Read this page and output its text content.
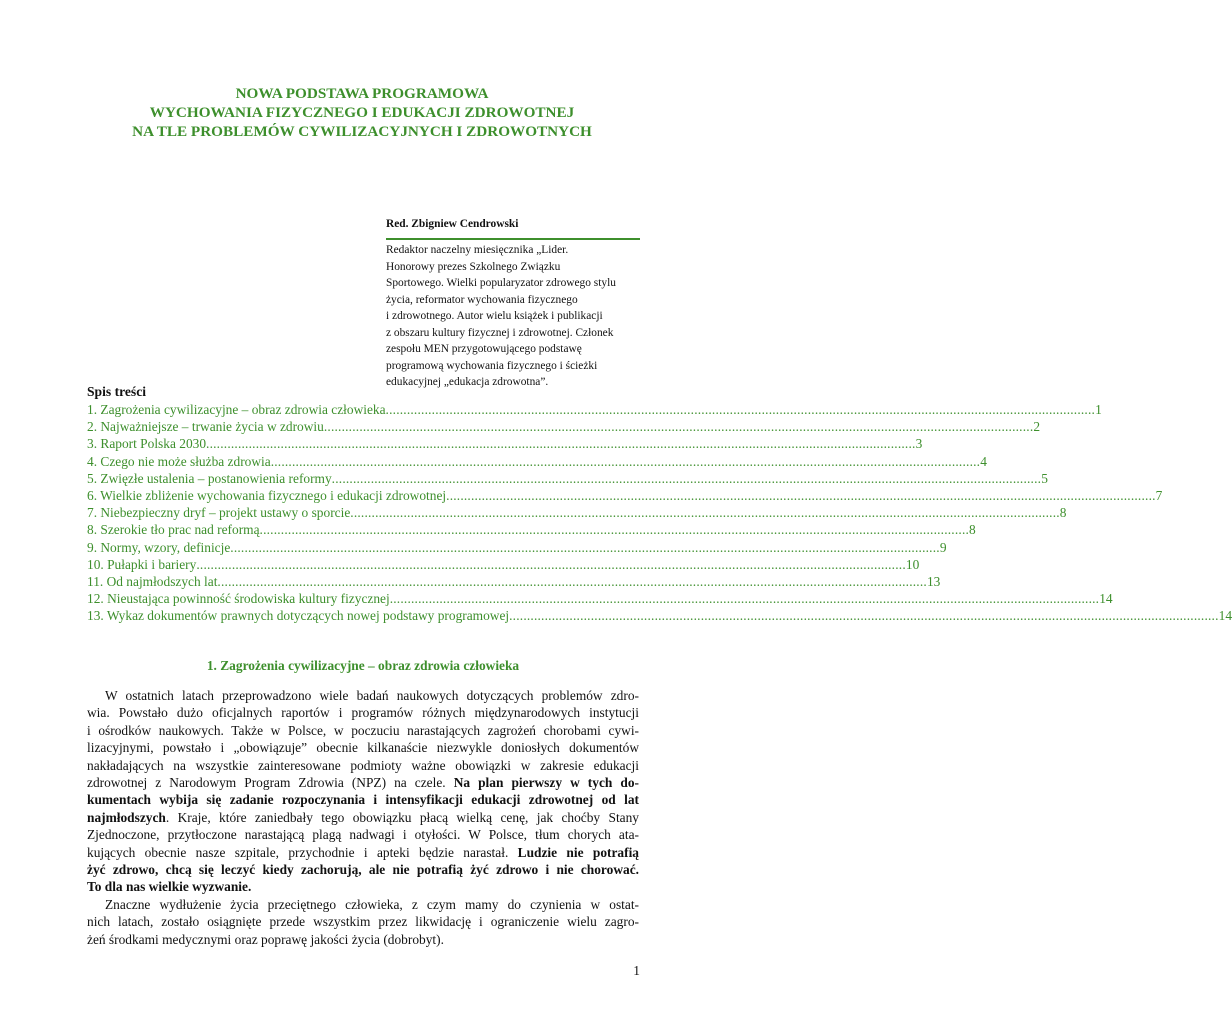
NOWA PODSTAWA PROGRAMOWA
WYCHOWANIA FIZYCZNEGO I EDUKACJI ZDROWOTNEJ
NA TLE PROBLEMÓW CYWILIZACYJNYCH I ZDROWOTNYCH
Red. Zbigniew Cendrowski
Redaktor naczelny miesięcznika „Lider.
Honorowy prezes Szkolnego Związku
Sportowego. Wielki popularyzator zdrowego stylu
życia, reformator wychowania fizycznego
i zdrowotnego. Autor wielu książek i publikacji
z obszaru kultury fizycznej i zdrowotnej. Członek
zespołu MEN przygotowującego podstawę
programową wychowania fizycznego i ścieżki
edukacyjnej „edukacja zdrowotna”.
Spis treści
1. Zagrożenia cywilizacyjne – obraz zdrowia człowieka ........................................................................................................................................................................................................ 1
2. Najważniejsze – trwanie życia w zdrowiu ........................................................................................................................................................................................................ 2
3. Raport Polska 2030 ........................................................................................................................................................................................................ 3
4. Czego nie może służba zdrowia ........................................................................................................................................................................................................ 4
5. Zwięzłe ustalenia – postanowienia reformy ........................................................................................................................................................................................................ 5
6. Wielkie zbliżenie wychowania fizycznego i edukacji zdrowotnej ........................................................................................................................................................................................................ 7
7. Niebezpieczny dryf – projekt ustawy o sporcie ........................................................................................................................................................................................................ 8
8. Szerokie tło prac nad reformą ........................................................................................................................................................................................................ 8
9. Normy, wzory, definicje ........................................................................................................................................................................................................ 9
10. Pułapki i bariery ........................................................................................................................................................................................................ 10
11. Od najmłodszych lat ........................................................................................................................................................................................................ 13
12. Nieustająca powinność środowiska kultury fizycznej ........................................................................................................................................................................................................ 14
13. Wykaz dokumentów prawnych dotyczących nowej podstawy programowej ........................................................................................................................................................................................................ 14
1. Zagrożenia cywilizacyjne – obraz zdrowia człowieka
W ostatnich latach przeprowadzono wiele badań naukowych dotyczących problemów zdro-
wia. Powstało dużo oficjalnych raportów i programów różnych międzynarodowych instytucji
i ośrodków naukowych. Także w Polsce, w poczuciu narastających zagrożeń chorobami cywi-
lizacyjnymi, powstało i „obowiązuje” obecnie kilkanaście niezwykle doniosłych dokumentów
nakładających na wszystkie zainteresowane podmioty ważne obowiązki w zakresie edukacji
zdrowotnej z Narodowym Program Zdrowia (NPZ) na czele. Na plan pierwszy w tych do-
kumentach wybija się zadanie rozpoczynania i intensyfikacji edukacji zdrowotnej od lat
najmłodszych. Kraje, które zaniedbały tego obowiązku płacą wielką cenę, jak choćby Stany
Zjednoczone, przytłoczone narastającą plagą nadwagi i otyłości. W Polsce, tłum chorych ata-
kujących obecnie nasze szpitale, przychodnie i apteki będzie narastał. Ludzie nie potrafią
żyć zdrowo, chcą się leczyć kiedy zachorują, ale nie potrafią żyć zdrowo i nie chorować.
To dla nas wielkie wyzwanie.
Znaczne wydłużenie życia przeciętnego człowieka, z czym mamy do czynienia w ostat-
nich latach, zostało osiągnięte przede wszystkim przez likwidację i ograniczenie wielu zagro-
żeń środkami medycznymi oraz poprawę jakości życia (dobrobyt).
1
